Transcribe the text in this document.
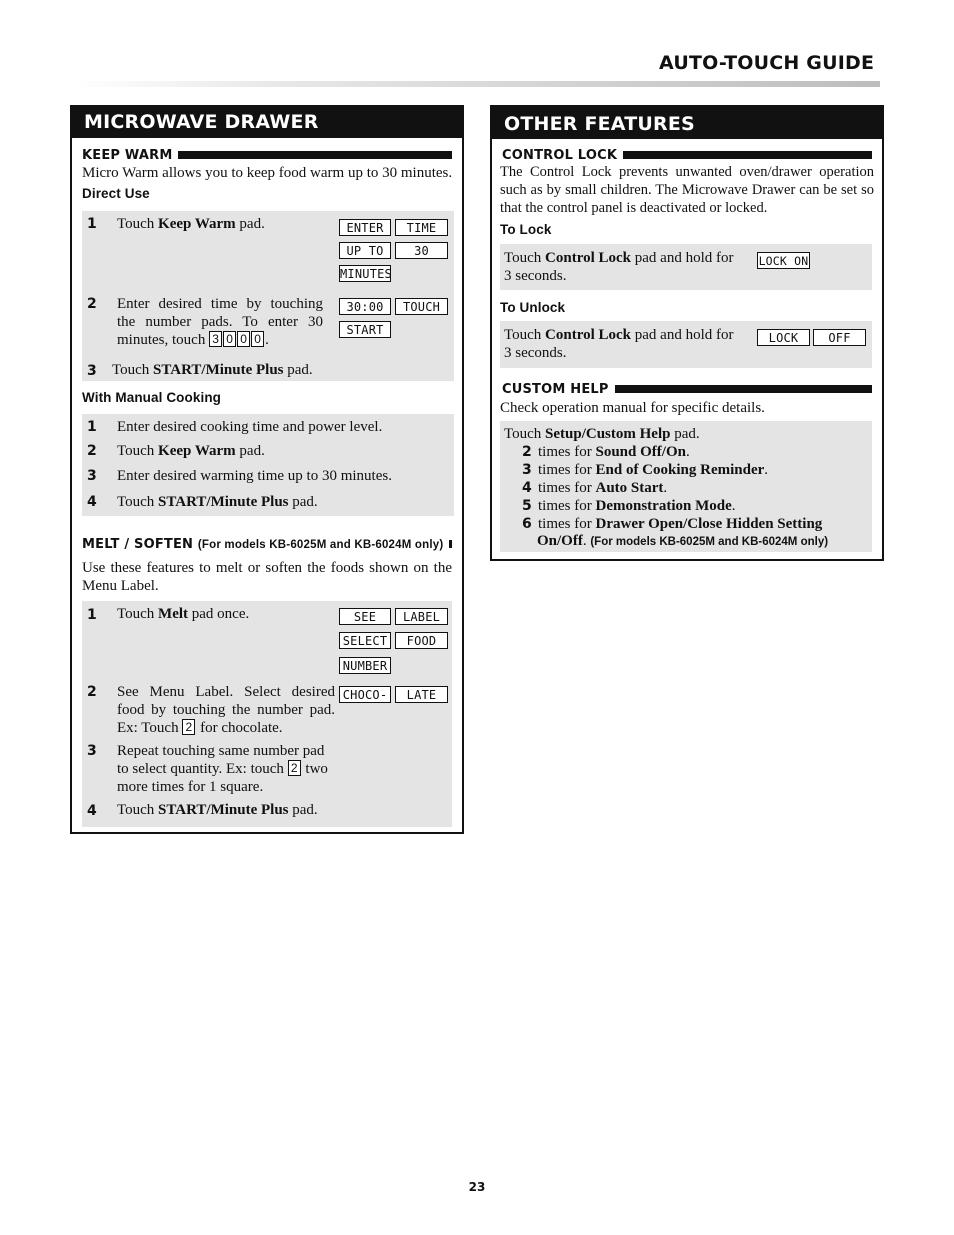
AUTO-TOUCH GUIDE
MICROWAVE DRAWER
KEEP WARM
Micro Warm allows you to keep food warm up to 30 minutes.
Direct Use
1 Touch Keep Warm pad.	ENTER	TIME
UP TO	30
MINUTES
2 Enter desired time by touching the number pads. To enter 30 minutes, touch 3 0 0 0 .
30:00	TOUCH
START
3 Touch START/Minute Plus pad.
With Manual Cooking
1 Enter desired cooking time and power level.
2 Touch Keep Warm pad.
3 Enter desired warming time up to 30 minutes.
4 Touch START/Minute Plus pad.
MELT / SOFTEN (For models KB-6025M and KB-6024M only)
Use these features to melt or soften the foods shown on the Menu Label.
1 Touch Melt pad once.	SEE	LABEL
SELECT	FOOD
NUMBER
2 See Menu Label. Select desired food by touching the number pad. Ex: Touch 2 for chocolate.
CHOCO-	LATE
3 Repeat touching same number pad
to select quantity. Ex: touch 2 two
more times for 1 square.
4 Touch START/Minute Plus pad.
OTHER FEATURES
CONTROL LOCK
The Control Lock prevents unwanted oven/drawer operation such as by small children. The Microwave Drawer can be set so that the control panel is deactivated or locked.
To Lock
Touch Control Lock pad and hold for 3 seconds.
LOCK ON
To Unlock
Touch Control Lock pad and hold for 3 seconds.
LOCK	OFF
CUSTOM HELP
Check operation manual for specific details.
Touch Setup/Custom Help pad.
2 times for Sound Off/On.
3 times for End of Cooking Reminder.
4 times for Auto Start.
5 times for Demonstration Mode.
6 times for Drawer Open/Close Hidden Setting
On/Off. (For models KB-6025M and KB-6024M only)
23
